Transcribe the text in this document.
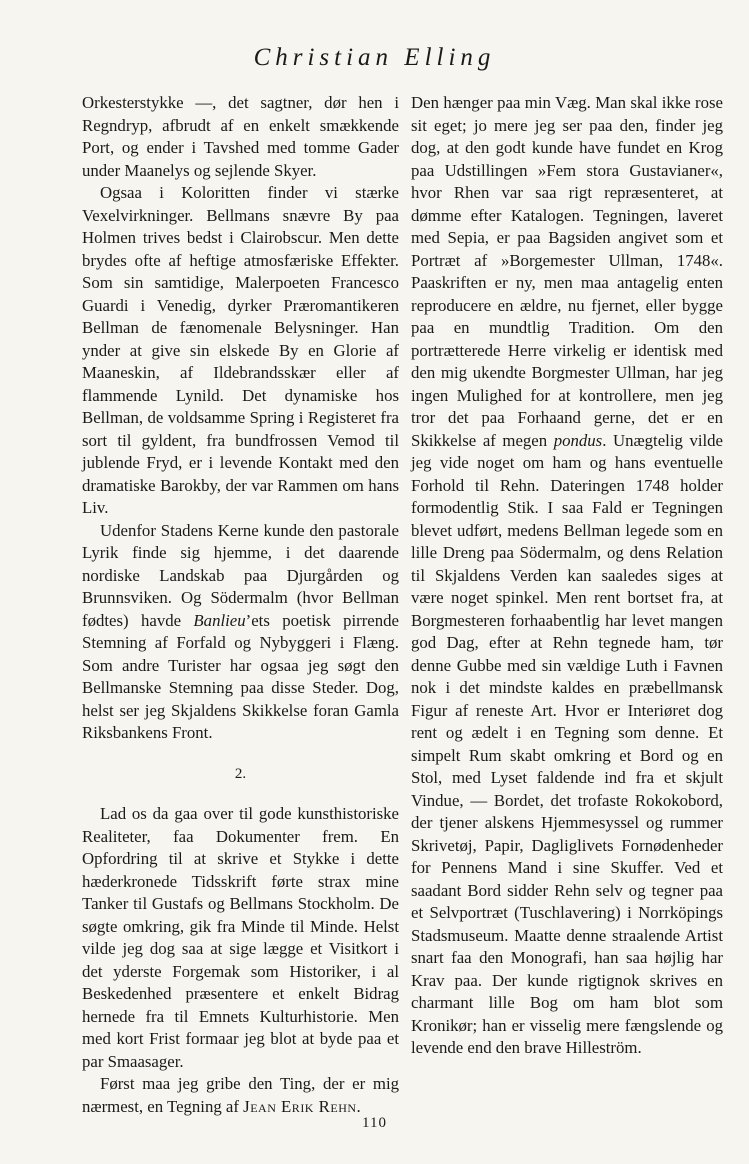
Christian Elling

Orkesterstykke —, det sagtner, dør hen i Regndryp, afbrudt af en enkelt smækkende Port, og ender i Tavshed med tomme Gader under Maanelys og sejlende Skyer.

Ogsaa i Koloritten finder vi stærke Vexelvirkninger. Bellmans snævre By paa Holmen trives bedst i Clairobscur. Men dette brydes ofte af heftige atmosfæriske Effekter. Som sin samtidige, Malerpoeten Francesco Guardi i Venedig, dyrker Præromantikeren Bellman de fænomenale Belysninger. Han ynder at give sin elskede By en Glorie af Maaneskin, af Ildebrandsskær eller af flammende Lynild. Det dynamiske hos Bellman, de voldsamme Spring i Registeret fra sort til gyldent, fra bundfrossen Vemod til jublende Fryd, er i levende Kontakt med den dramatiske Barokby, der var Rammen om hans Liv.

Udenfor Stadens Kerne kunde den pastorale Lyrik finde sig hjemme, i det daarende nordiske Landskab paa Djurgården og Brunnsviken. Og Södermalm (hvor Bellman fødtes) havde Banlieu’ets poetisk pirrende Stemning af Forfald og Nybyggeri i Flæng. Som andre Turister har ogsaa jeg søgt den Bellmanske Stemning paa disse Steder. Dog, helst ser jeg Skjaldens Skikkelse foran Gamla Riksbankens Front.

2.

Lad os da gaa over til gode kunsthistoriske Realiteter, faa Dokumenter frem. En Opfordring til at skrive et Stykke i dette hæderkronede Tidsskrift førte strax mine Tanker til Gustafs og Bellmans Stockholm. De søgte omkring, gik fra Minde til Minde. Helst vilde jeg dog saa at sige lægge et Visitkort i det yderste Forgemak som Historiker, i al Beskedenhed præsentere et enkelt Bidrag hernede fra til Emnets Kulturhistorie. Men med kort Frist formaar jeg blot at byde paa et par Smaasager.

Først maa jeg gribe den Ting, der er mig nærmest, en Tegning af Jean Erik Rehn.

Den hænger paa min Væg. Man skal ikke rose sit eget; jo mere jeg ser paa den, finder jeg dog, at den godt kunde have fundet en Krog paa Udstillingen »Fem stora Gustavianer«, hvor Rhen var saa rigt repræsenteret, at dømme efter Katalogen. Tegningen, laveret med Sepia, er paa Bagsiden angivet som et Portræt af »Borgemester Ullman, 1748«. Paaskriften er ny, men maa antagelig enten reproducere en ældre, nu fjernet, eller bygge paa en mundtlig Tradition. Om den portrætterede Herre virkelig er identisk med den mig ukendte Borgmester Ullman, har jeg ingen Mulighed for at kontrollere, men jeg tror det paa Forhaand gerne, det er en Skikkelse af megen pondus. Unægtelig vilde jeg vide noget om ham og hans eventuelle Forhold til Rehn. Dateringen 1748 holder formodentlig Stik. I saa Fald er Tegningen blevet udført, medens Bellman legede som en lille Dreng paa Södermalm, og dens Relation til Skjaldens Verden kan saaledes siges at være noget spinkel. Men rent bortset fra, at Borgmesteren forhaabentlig har levet mangen god Dag, efter at Rehn tegnede ham, tør denne Gubbe med sin vældige Luth i Favnen nok i det mindste kaldes en præbellmansk Figur af reneste Art. Hvor er Interiøret dog rent og ædelt i en Tegning som denne. Et simpelt Rum skabt omkring et Bord og en Stol, med Lyset faldende ind fra et skjult Vindue, — Bordet, det trofaste Rokokobord, der tjener alskens Hjemmesyssel og rummer Skrivetøj, Papir, Dagliglivets Fornødenheder for Pennens Mand i sine Skuffer. Ved et saadant Bord sidder Rehn selv og tegner paa et Selvportræt (Tuschlavering) i Norrköpings Stadsmuseum. Maatte denne straalende Artist snart faa den Monografi, han saa højlig har Krav paa. Der kunde rigtignok skrives en charmant lille Bog om ham blot som Kronikør; han er visselig mere fængslende og levende end den brave Hilleström.

110
